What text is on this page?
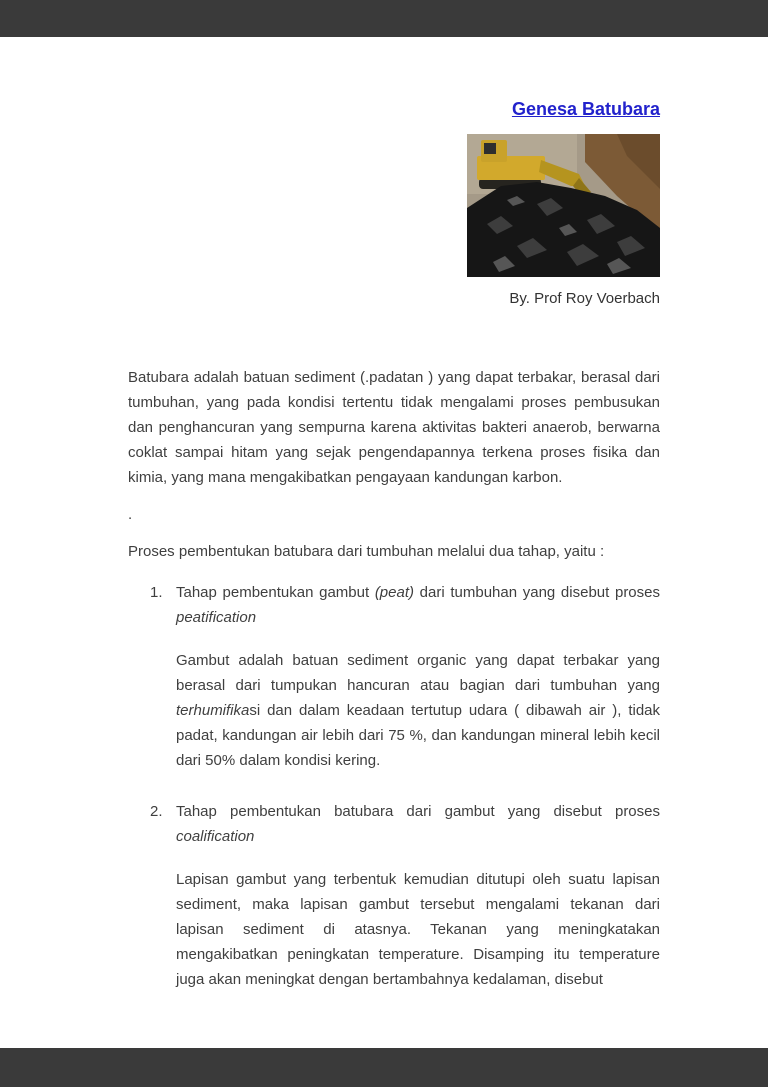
Genesa Batubara

By. Prof Roy Voerbach

Batubara adalah batuan sediment (.padatan ) yang dapat terbakar, berasal dari tumbuhan, yang pada kondisi tertentu tidak mengalami proses pembusukan dan penghancuran yang sempurna karena aktivitas bakteri anaerob, berwarna coklat sampai hitam yang sejak pengendapannya terkena proses fisika dan kimia, yang mana mengakibatkan pengayaan kandungan karbon.

.

Proses pembentukan batubara dari tumbuhan melalui dua tahap, yaitu :

1. Tahap pembentukan gambut (peat) dari tumbuhan yang disebut proses peatification

Gambut adalah batuan sediment organic yang dapat terbakar yang berasal dari tumpukan hancuran atau bagian dari tumbuhan yang terhumifikasi dan dalam keadaan tertutup udara ( dibawah air ), tidak padat, kandungan air lebih dari 75 %, dan kandungan mineral lebih kecil dari 50% dalam kondisi kering.

2. Tahap pembentukan batubara dari gambut yang disebut proses coalification

Lapisan gambut yang terbentuk kemudian ditutupi oleh suatu lapisan sediment, maka lapisan gambut tersebut mengalami tekanan dari lapisan sediment di atasnya. Tekanan yang meningkatakan mengakibatkan peningkatan temperature. Disamping itu temperature juga akan meningkat dengan bertambahnya kedalaman, disebut
